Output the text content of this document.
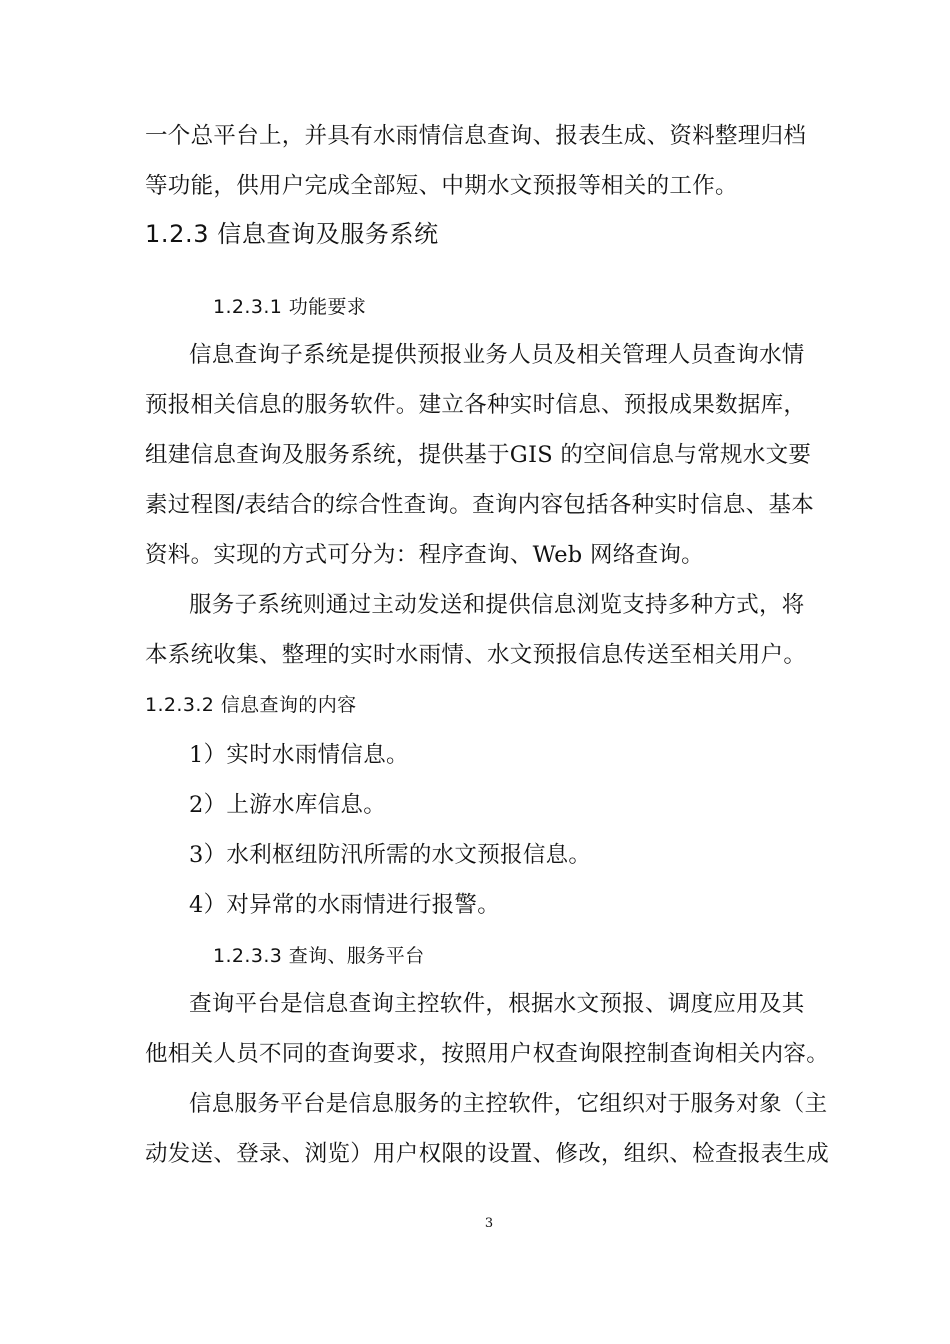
一个总平台上，并具有水雨情信息查询、报表生成、资料整理归档
等功能，供用户完成全部短、中期水文预报等相关的工作。
1.2.3 信息查询及服务系统
1.2.3.1 功能要求
信息查询子系统是提供预报业务人员及相关管理人员查询水情
预报相关信息的服务软件。建立各种实时信息、预报成果数据库，
组建信息查询及服务系统，提供基于GIS 的空间信息与常规水文要
素过程图/表结合的综合性查询。查询内容包括各种实时信息、基本
资料。实现的方式可分为：程序查询、Web 网络查询。
服务子系统则通过主动发送和提供信息浏览支持多种方式，将
本系统收集、整理的实时水雨情、水文预报信息传送至相关用户。
1.2.3.2 信息查询的内容
1）实时水雨情信息。
2）上游水库信息。
3）水利枢纽防汛所需的水文预报信息。
4）对异常的水雨情进行报警。
1.2.3.3 查询、服务平台
查询平台是信息查询主控软件，根据水文预报、调度应用及其
他相关人员不同的查询要求，按照用户权查询限控制查询相关内容。
信息服务平台是信息服务的主控软件，它组织对于服务对象（主
动发送、登录、浏览）用户权限的设置、修改，组织、检查报表生成
3
